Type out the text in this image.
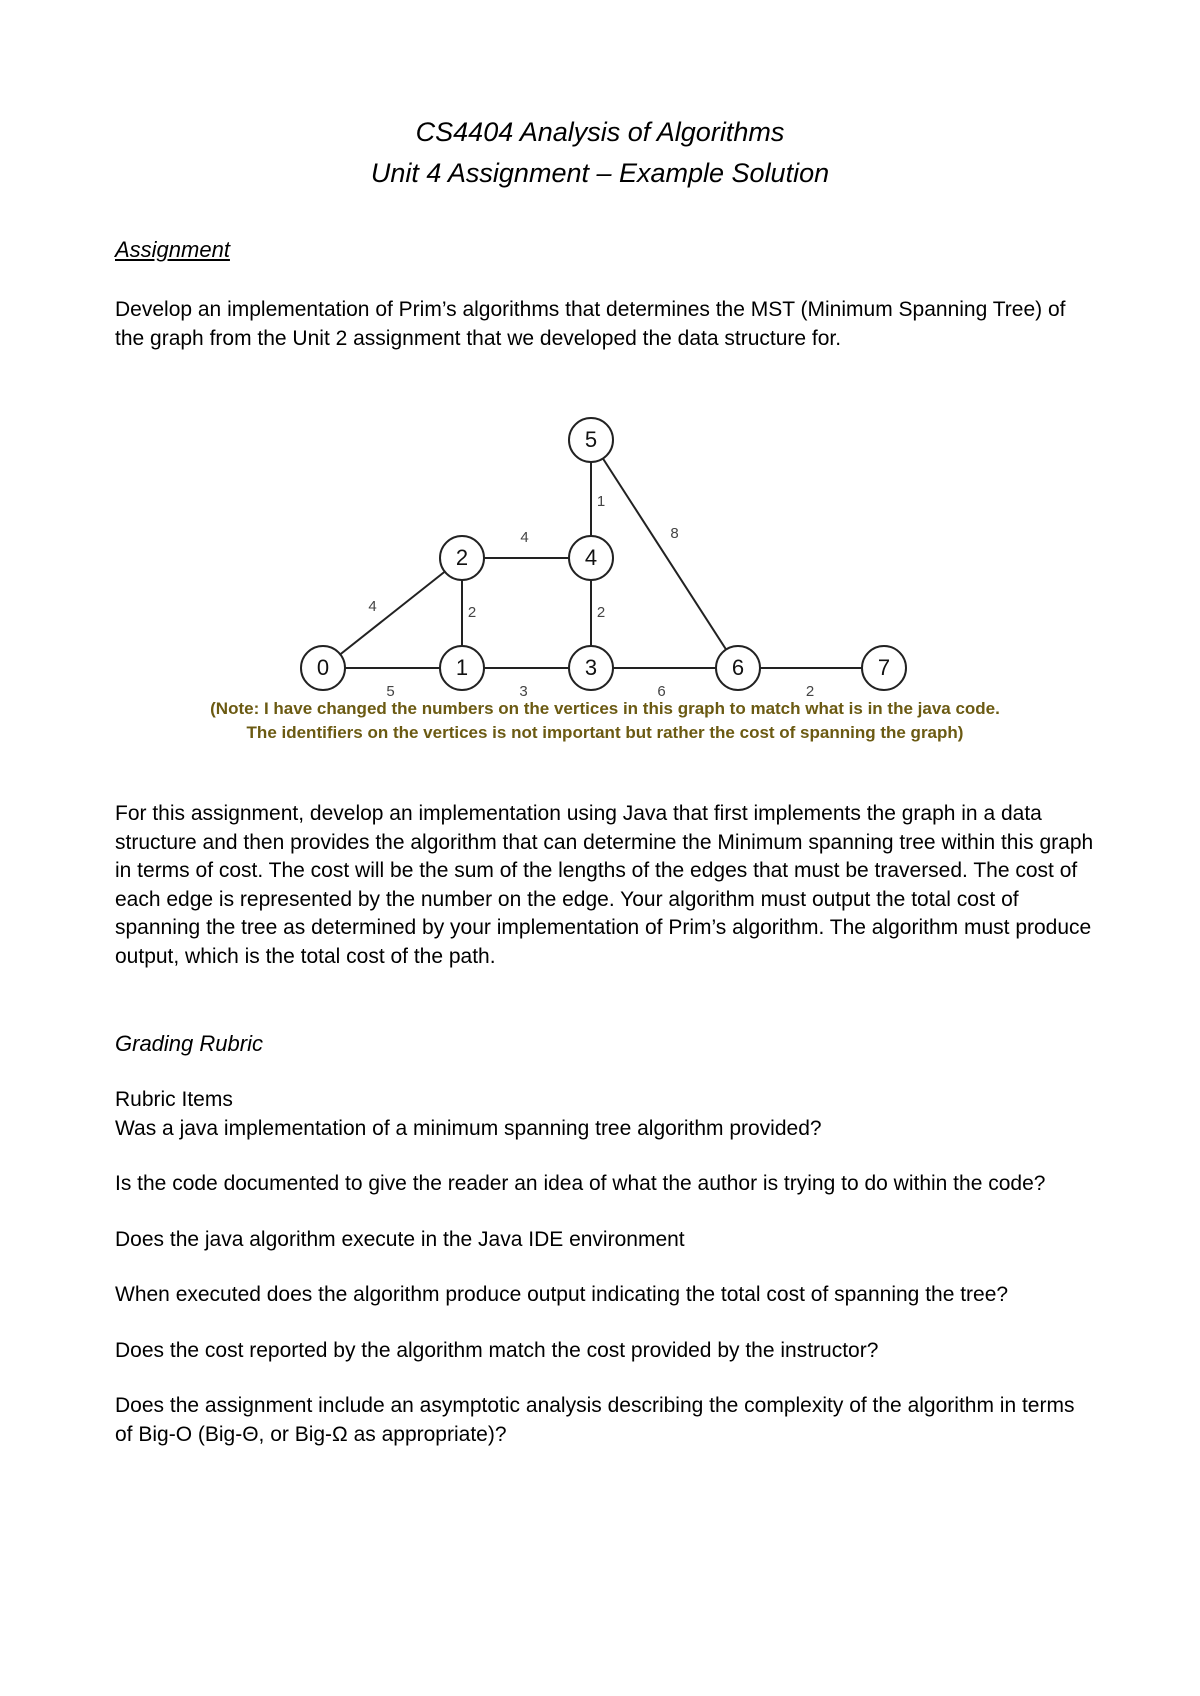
CS4404 Analysis of Algorithms
Unit 4 Assignment – Example Solution
Assignment
Develop an implementation of Prim’s algorithms that determines the MST (Minimum Spanning Tree) of the graph from the Unit 2 assignment that we developed the data structure for.
4
5
2
4
3
2
1
8
6	2
0	1
2
3
4
5
6	7
(Note: I have changed the numbers on the vertices in this graph to match what is in the java code.
The identifiers on the vertices is not important but rather the cost of spanning the graph)
For this assignment, develop an implementation using Java that first implements the graph in a data structure and then provides the algorithm that can determine the Minimum spanning tree within this graph in terms of cost. The cost will be the sum of the lengths of the edges that must be traversed. The cost of each edge is represented by the number on the edge. Your algorithm must output the total cost of spanning the tree as determined by your implementation of Prim’s algorithm. The algorithm must produce output, which is the total cost of the path.
Grading Rubric

Rubric Items

Was a java implementation of a minimum spanning tree algorithm provided?

Is the code documented to give the reader an idea of what the author is trying to do within the code?

Does the java algorithm execute in the Java IDE environment

When executed does the algorithm produce output indicating the total cost of spanning the tree?

Does the cost reported by the algorithm match the cost provided by the instructor?

Does the assignment include an asymptotic analysis describing the complexity of the algorithm in terms of Big-O (Big-Θ, or Big-Ω as appropriate)?
